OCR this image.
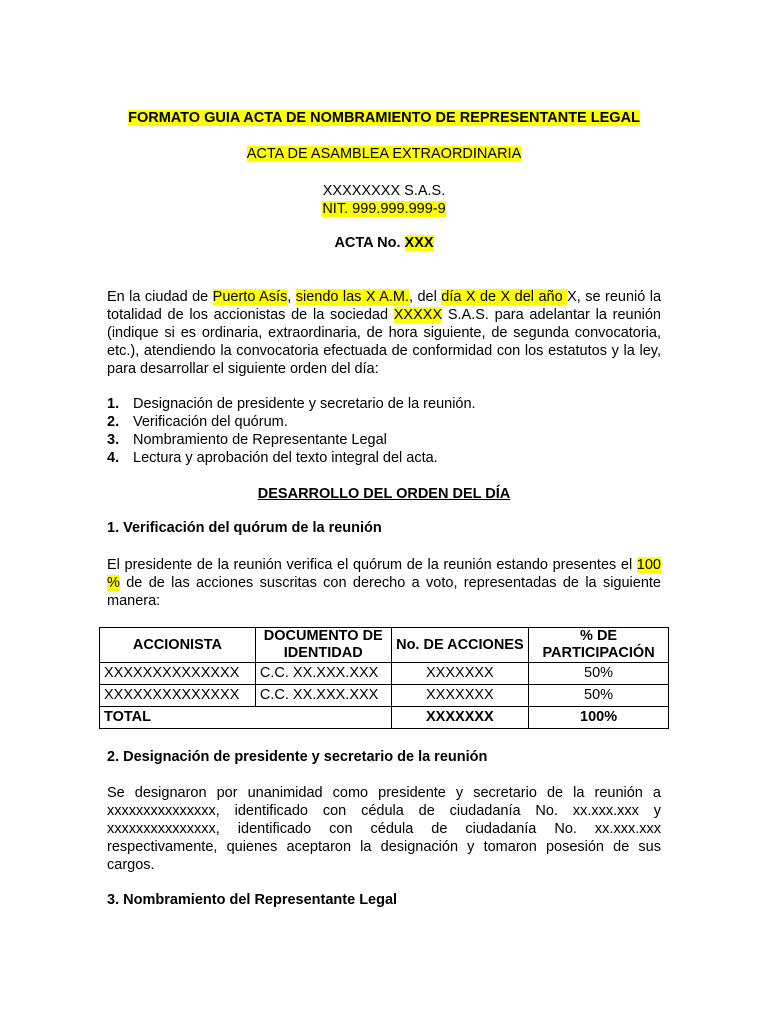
FORMATO GUIA ACTA DE NOMBRAMIENTO DE REPRESENTANTE LEGAL
ACTA DE ASAMBLEA EXTRAORDINARIA
XXXXXXXX S.A.S.
NIT. 999.999.999-9
ACTA No. XXX
En la ciudad de Puerto Asís, siendo las X A.M., del día X de X del año X, se reunió la totalidad de los accionistas de la sociedad XXXXX S.A.S. para adelantar la reunión (indique si es ordinaria, extraordinaria, de hora siguiente, de segunda convocatoria, etc.), atendiendo la convocatoria efectuada de conformidad con los estatutos y la ley, para desarrollar el siguiente orden del día:
1. Designación de presidente y secretario de la reunión.
2. Verificación del quórum.
3. Nombramiento de Representante Legal
4. Lectura y aprobación del texto integral del acta.
DESARROLLO DEL ORDEN DEL DÍA
1. Verificación del quórum de la reunión
El presidente de la reunión verifica el quórum de la reunión estando presentes el 100 % de de las acciones suscritas con derecho a voto, representadas de la siguiente manera:
ACCIONISTA	DOCUMENTO DE IDENTIDAD	No. DE ACCIONES	% DE PARTICIPACIÓN
XXXXXXXXXXXXXX	C.C. XX.XXX.XXX	XXXXXXX	50%
XXXXXXXXXXXXXX	C.C. XX.XXX.XXX	XXXXXXX	50%
TOTAL		XXXXXXX	100%
2. Designación de presidente y secretario de la reunión
Se designaron por unanimidad como presidente y secretario de la reunión a xxxxxxxxxxxxxxx, identificado con cédula de ciudadanía No. xx.xxx.xxx y xxxxxxxxxxxxxxx, identificado con cédula de ciudadanía No. xx.xxx.xxx respectivamente, quienes aceptaron la designación y tomaron posesión de sus cargos.
3. Nombramiento del Representante Legal
